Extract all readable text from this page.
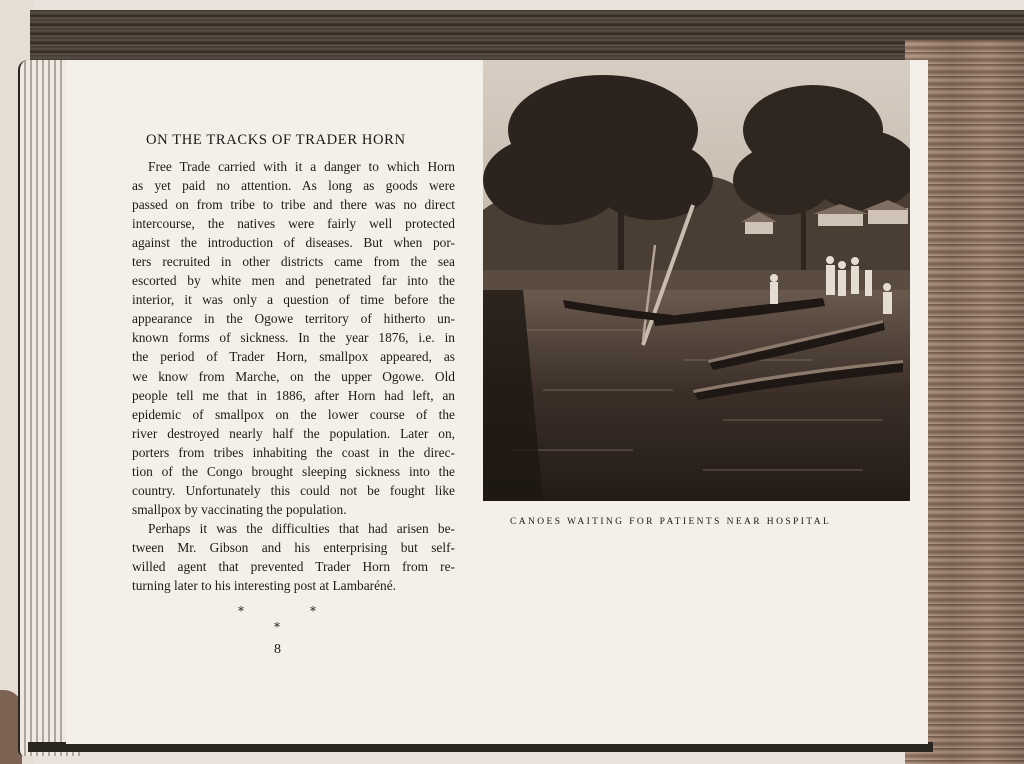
ON THE TRACKS OF TRADER HORN
Free Trade carried with it a danger to which Horn
as yet paid no attention. As long as goods were
passed on from tribe to tribe and there was no direct
intercourse, the natives were fairly well protected
against the introduction of diseases. But when por-
ters recruited in other districts came from the sea
escorted by white men and penetrated far into the
interior, it was only a question of time before the
appearance in the Ogowe territory of hitherto un-
known forms of sickness. In the year 1876, i.e. in
the period of Trader Horn, smallpox appeared, as
we know from Marche, on the upper Ogowe. Old
people tell me that in 1886, after Horn had left, an
epidemic of smallpox on the lower course of the
river destroyed nearly half the population. Later on,
porters from tribes inhabiting the coast in the direc-
tion of the Congo brought sleeping sickness into the
country. Unfortunately this could not be fought like
smallpox by vaccinating the population.
Perhaps it was the difficulties that had arisen be-
tween Mr. Gibson and his enterprising but self-
willed agent that prevented Trader Horn from re-
turning later to his interesting post at Lambaréné.
*	*
*
8
CANOES WAITING FOR PATIENTS NEAR HOSPITAL
